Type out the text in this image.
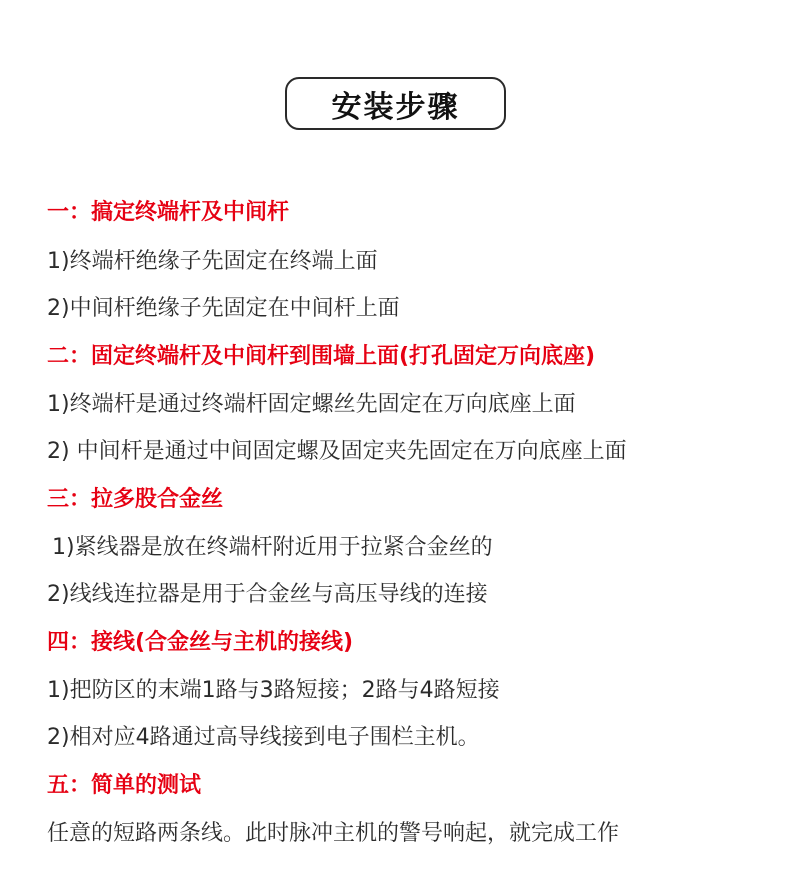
安装步骤
一：搞定终端杆及中间杆
1)终端杆绝缘子先固定在终端上面
2)中间杆绝缘子先固定在中间杆上面
二：固定终端杆及中间杆到围墙上面(打孔固定万向底座)
1)终端杆是通过终端杆固定螺丝先固定在万向底座上面
2) 中间杆是通过中间固定螺及固定夹先固定在万向底座上面
三：拉多股合金丝
1)紧线器是放在终端杆附近用于拉紧合金丝的
2)线线连拉器是用于合金丝与高压导线的连接
四：接线(合金丝与主机的接线)
1)把防区的末端1路与3路短接；2路与4路短接
2)相对应4路通过高导线接到电子围栏主机。
五：简单的测试
任意的短路两条线。此时脉冲主机的警号响起，就完成工作
